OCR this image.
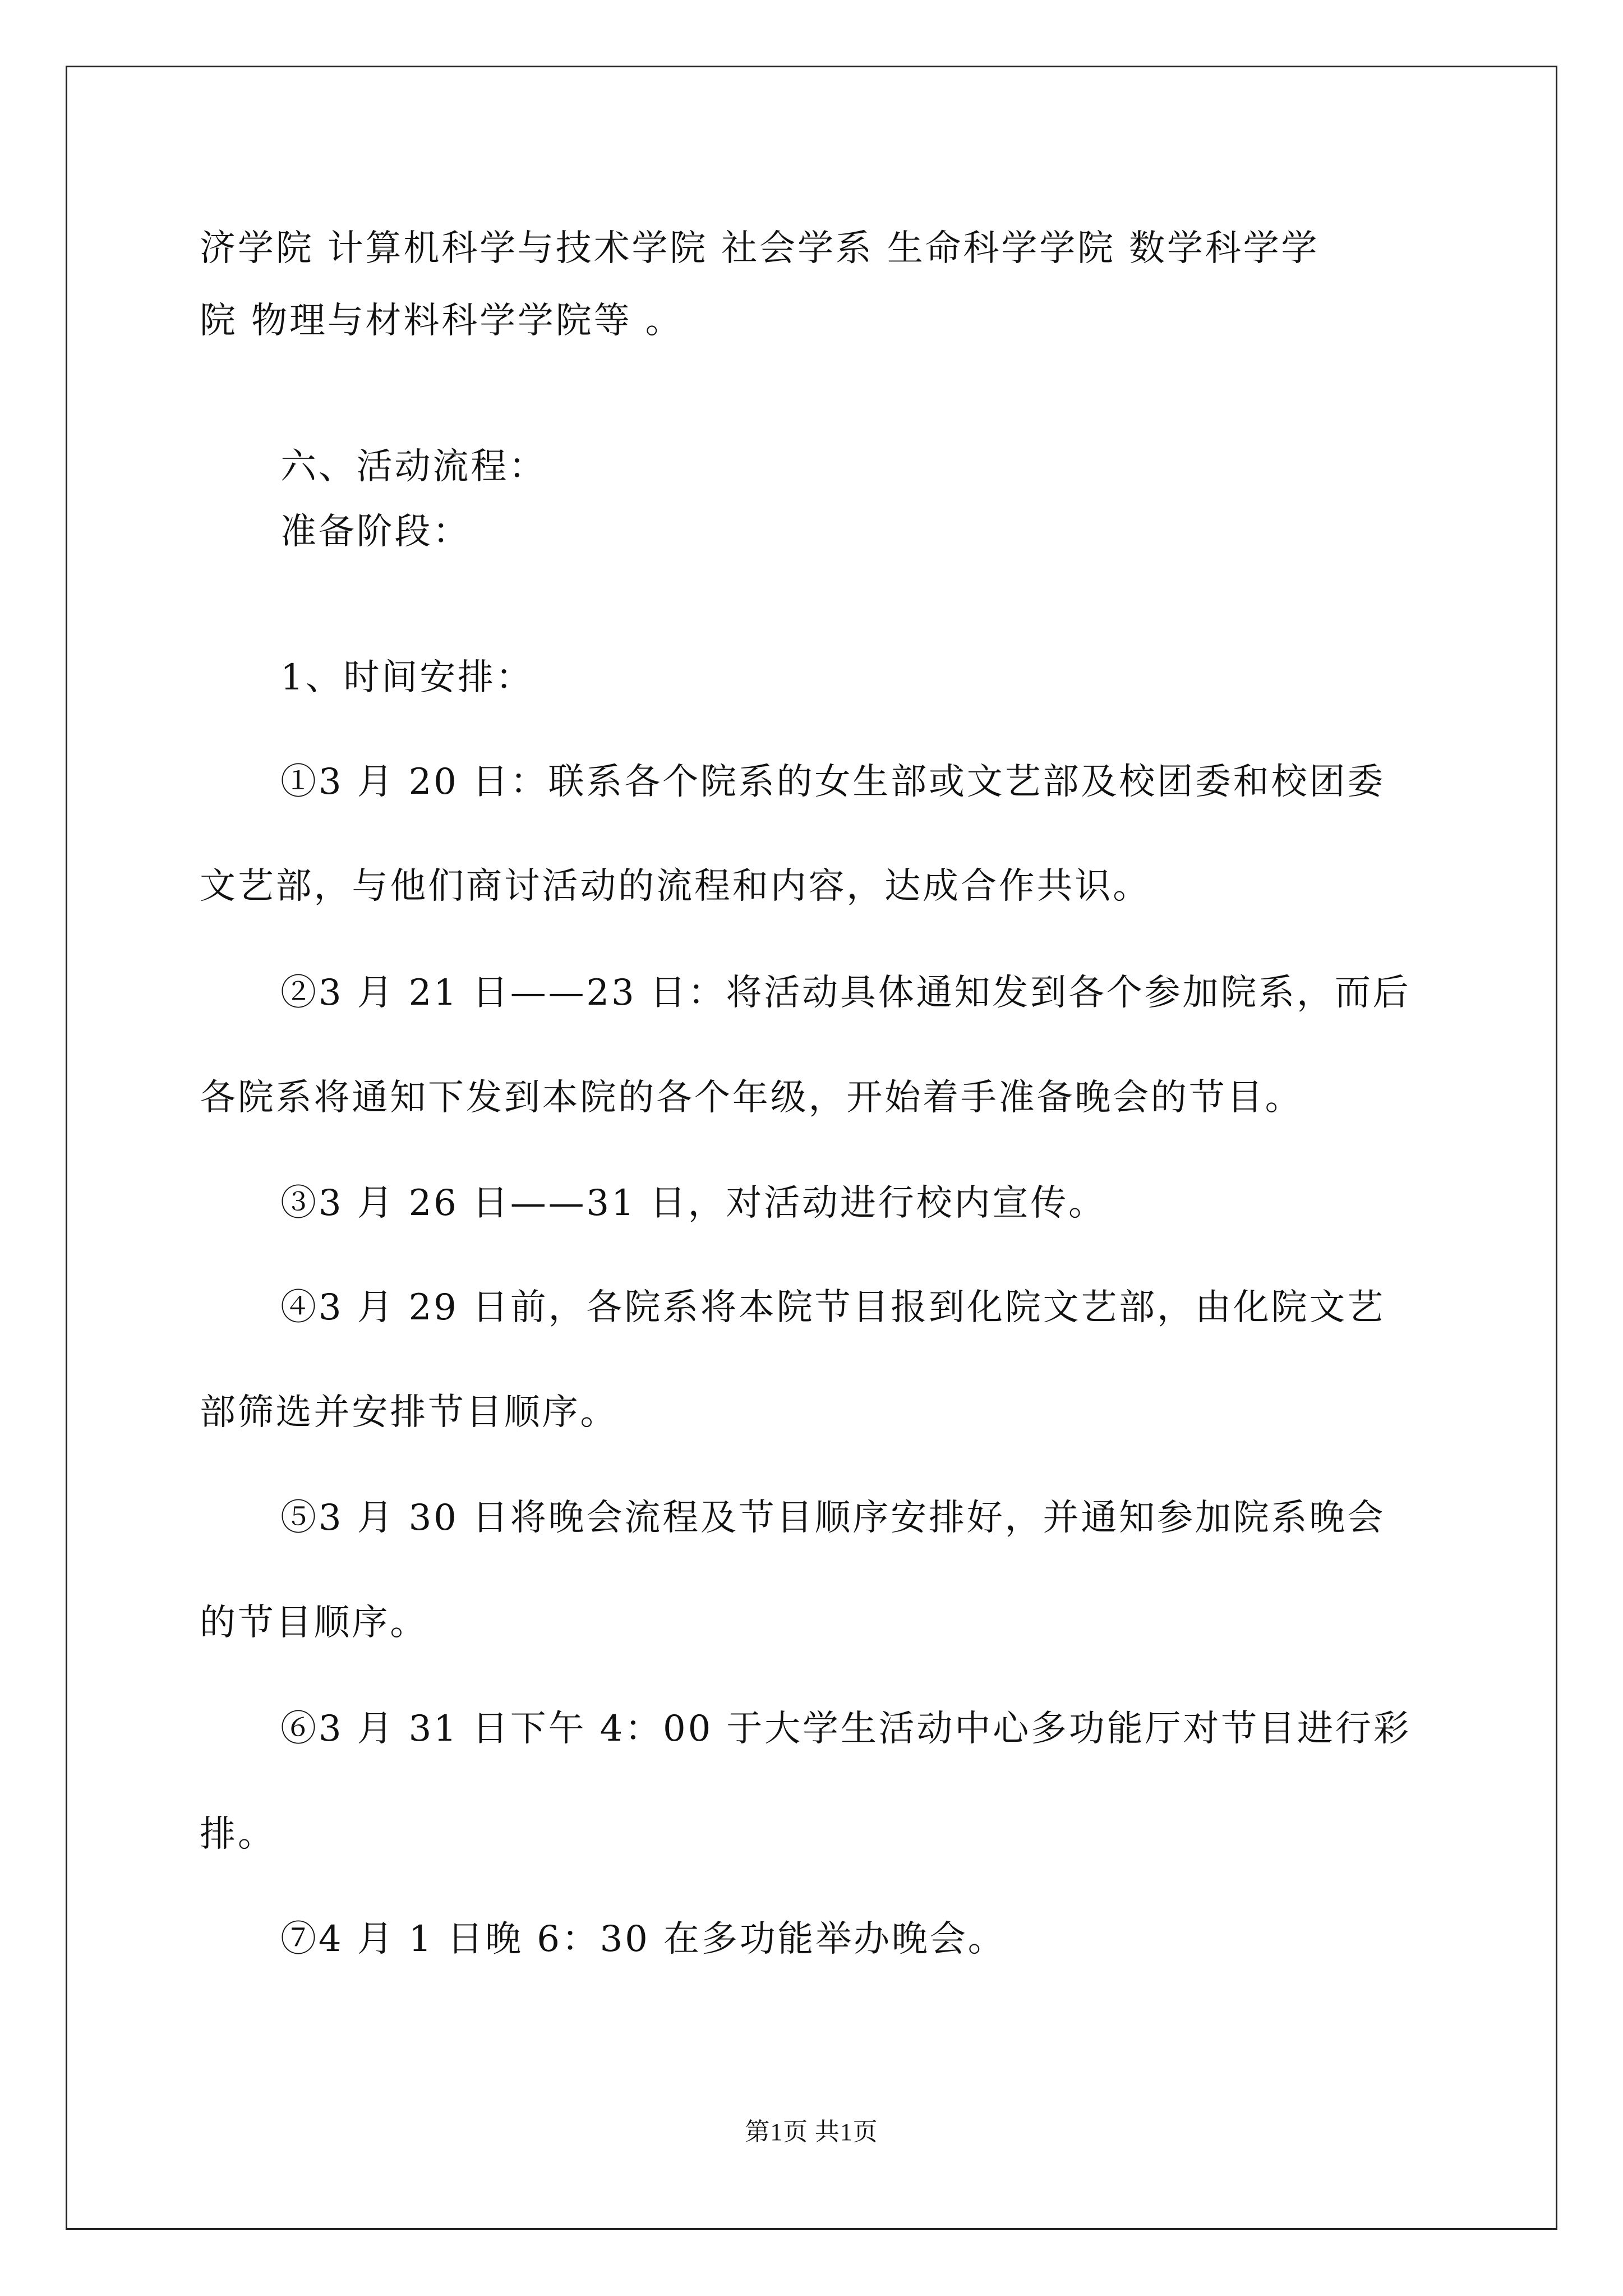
济学院 计算机科学与技术学院 社会学系 生命科学学院 数学科学学
院 物理与材料科学学院等 。
六、活动流程：
准备阶段：
1、时间安排：
①3 月 20 日：联系各个院系的女生部或文艺部及校团委和校团委
文艺部，与他们商讨活动的流程和内容，达成合作共识。
②3 月 21 日——23 日：将活动具体通知发到各个参加院系，而后
各院系将通知下发到本院的各个年级，开始着手准备晚会的节目。
③3 月 26 日——31 日，对活动进行校内宣传。
④3 月 29 日前，各院系将本院节目报到化院文艺部，由化院文艺
部筛选并安排节目顺序。
⑤3 月 30 日将晚会流程及节目顺序安排好，并通知参加院系晚会
的节目顺序。
⑥3 月 31 日下午 4：00 于大学生活动中心多功能厅对节目进行彩
排。
⑦4 月 1 日晚 6：30 在多功能举办晚会。
第1页 共1页
